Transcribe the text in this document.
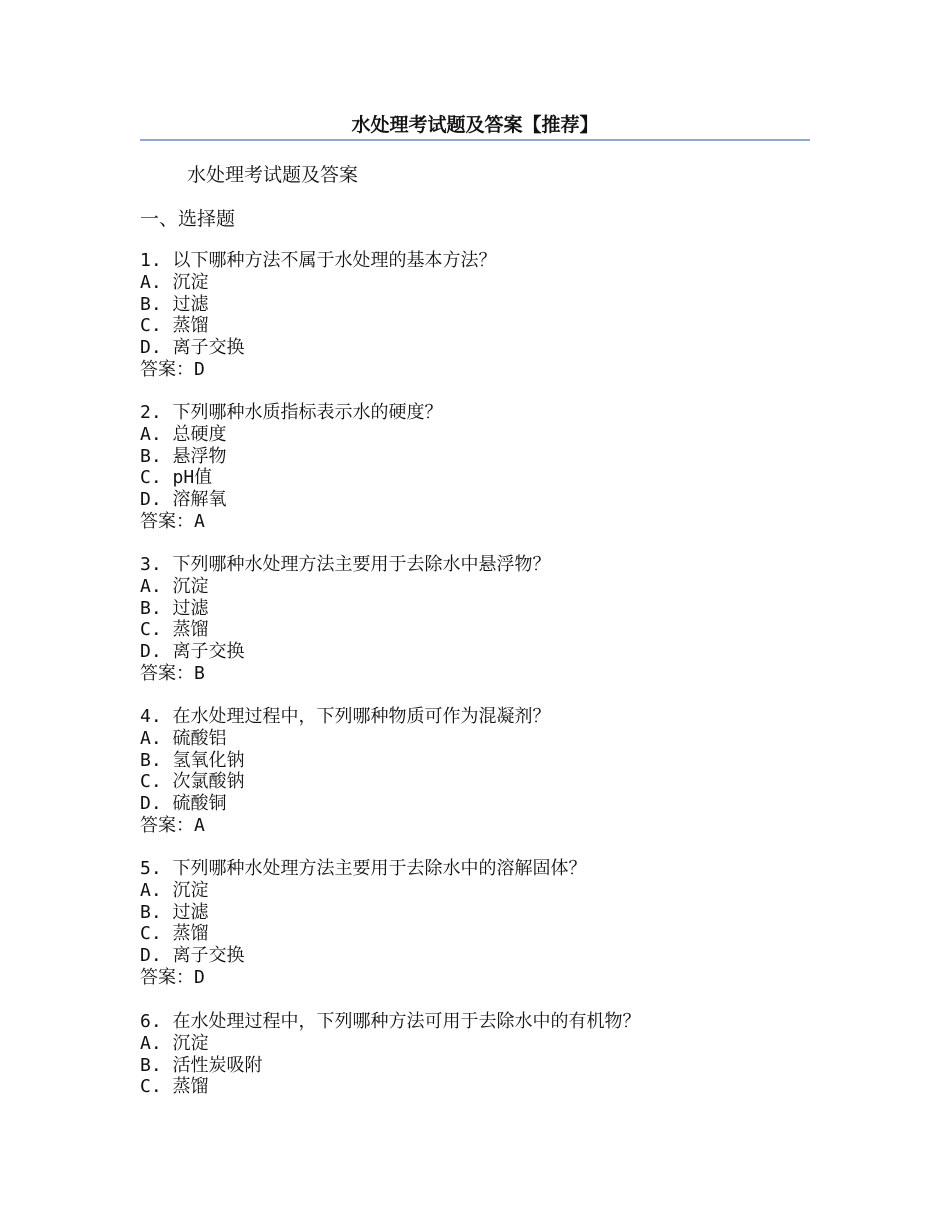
水处理考试题及答案【推荐】
水处理考试题及答案
一、选择题
1. 以下哪种方法不属于水处理的基本方法？
A. 沉淀
B. 过滤
C. 蒸馏
D. 离子交换
答案：D
2. 下列哪种水质指标表示水的硬度？
A. 总硬度
B. 悬浮物
C. pH值
D. 溶解氧
答案：A
3. 下列哪种水处理方法主要用于去除水中悬浮物？
A. 沉淀
B. 过滤
C. 蒸馏
D. 离子交换
答案：B
4. 在水处理过程中，下列哪种物质可作为混凝剂？
A. 硫酸铝
B. 氢氧化钠
C. 次氯酸钠
D. 硫酸铜
答案：A
5. 下列哪种水处理方法主要用于去除水中的溶解固体？
A. 沉淀
B. 过滤
C. 蒸馏
D. 离子交换
答案：D
6. 在水处理过程中，下列哪种方法可用于去除水中的有机物？
A. 沉淀
B. 活性炭吸附
C. 蒸馏
